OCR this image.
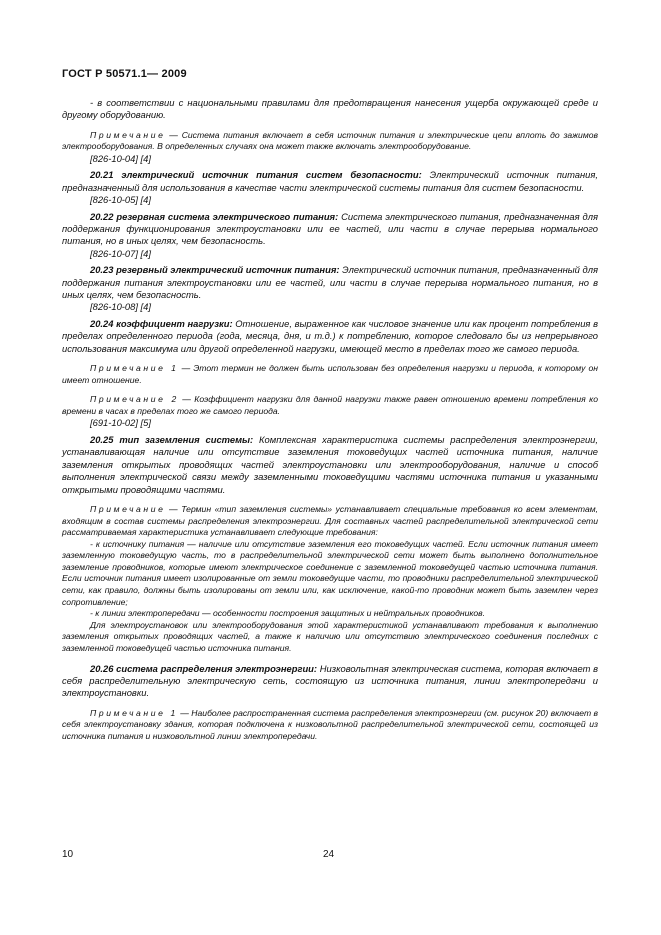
ГОСТ Р 50571.1— 2009

- в соответствии с национальными правилами для предотвращения нанесения ущерба окружающей среде и другому оборудованию.

Примечание — Система питания включает в себя источник питания и электрические цепи вплоть до зажимов электрооборудования. В определенных случаях она может также включать электрооборудование.

[826-10-04] [4]

20.21 электрический источник питания систем безопасности: Электрический источник питания, предназначенный для использования в качестве части электрической системы питания для систем безопасности.

[826-10-05] [4]

20.22 резервная система электрического питания: Система электрического питания, предназначенная для поддержания функционирования электроустановки или ее частей, или части в случае перерыва нормального питания, но в иных целях, чем безопасность.

[826-10-07] [4]

20.23 резервный электрический источник питания: Электрический источник питания, предназначенный для поддержания питания электроустановки или ее частей, или части в случае перерыва нормального питания, но в иных целях, чем безопасность.

[826-10-08] [4]

20.24 коэффициент нагрузки: Отношение, выраженное как числовое значение или как процент потребления в пределах определенного периода (года, месяца, дня, и т.д.) к потреблению, которое следовало бы из непрерывного использования максимума или другой определенной нагрузки, имеющей место в пределах того же самого периода.

Примечание 1 — Этот термин не должен быть использован без определения нагрузки и периода, к которому он имеет отношение.

Примечание 2 — Коэффициент нагрузки для данной нагрузки также равен отношению времени потребления ко времени в часах в пределах того же самого периода.

[691-10-02] [5]

20.25 тип заземления системы: Комплексная характеристика системы распределения электроэнергии, устанавливающая наличие или отсутствие заземления токоведущих частей источника питания, наличие заземления открытых проводящих частей электроустановки или электрооборудования, наличие и способ выполнения электрической связи между заземленными токоведущими частями источника питания и указанными открытыми проводящими частями.

Примечание — Термин «тип заземления системы» устанавливает специальные требования ко всем элементам, входящим в состав системы распределения электроэнергии. Для составных частей распределительной электрической сети рассматриваемая характеристика устанавливает следующие требования:

- к источнику питания — наличие или отсутствие заземления его токоведущих частей. Если источник питания имеет заземленную токоведущую часть, то в распределительной электрической сети может быть выполнено дополнительное заземление проводников, которые имеют электрическое соединение с заземленной токоведущей частью источника питания. Если источник питания имеет изолированные от земли токоведущие части, то проводники распределительной электрической сети, как правило, должны быть изолированы от земли или, как исключение, какой-то проводник может быть заземлен через сопротивление;

- к линии электропередачи — особенности построения защитных и нейтральных проводников.

Для электроустановок или электрооборудования этой характеристикой устанавливают требования к выполнению заземления открытых проводящих частей, а также к наличию или отсутствию электрического соединения последних с заземленной токоведущей частью источника питания.

20.26 система распределения электроэнергии: Низковольтная электрическая система, которая включает в себя распределительную электрическую сеть, состоящую из источника питания, линии электропередачи и электроустановки.

Примечание 1 — Наиболее распространенная система распределения электроэнергии (см. рисунок 20) включает в себя электроустановку здания, которая подключена к низковольтной распределительной электрической сети, состоящей из источника питания и низковольтной линии электропередачи.

10	24
